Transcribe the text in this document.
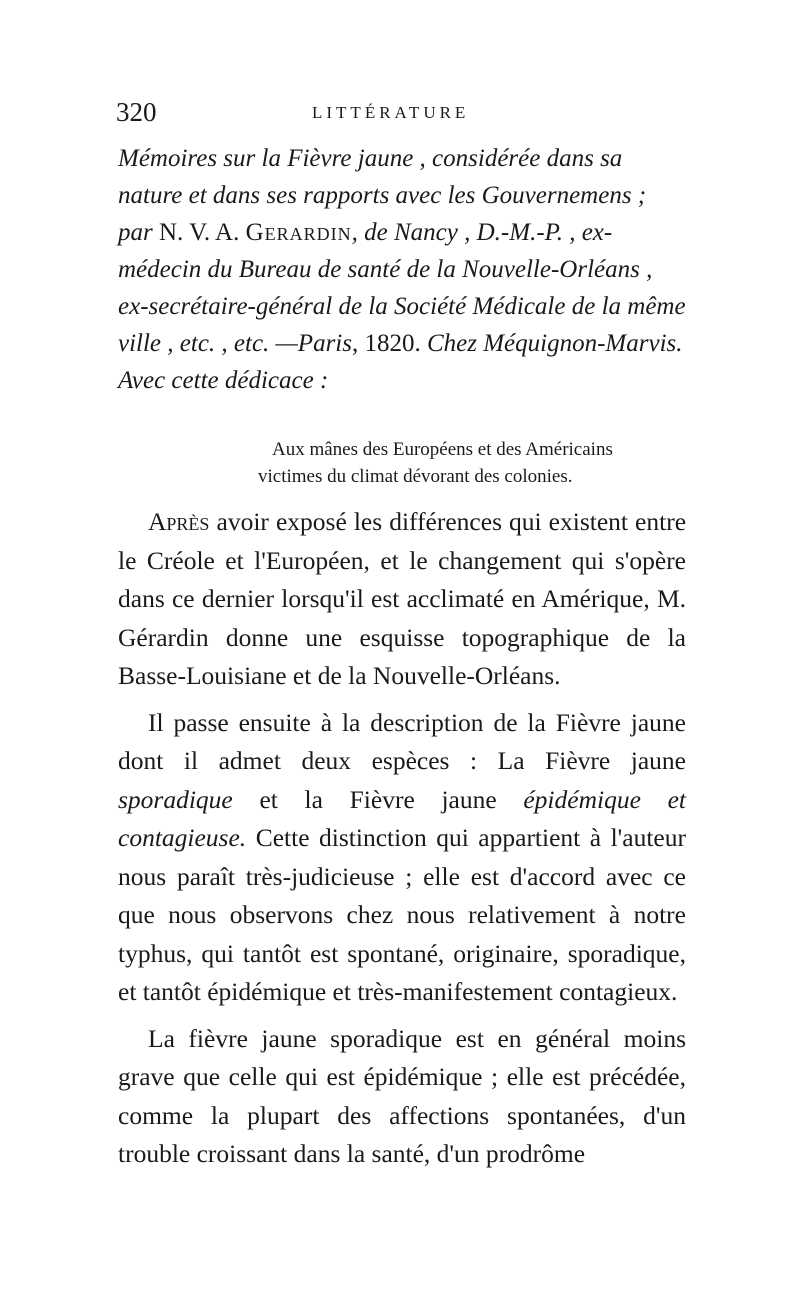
320	LITTÉRATURE

Mémoires sur la Fièvre jaune , considérée dans sa nature et dans ses rapports avec les Gouvernemens ; par N. V. A. Gerardin, de Nancy , D.-M.-P. , ex-médecin du Bureau de santé de la Nouvelle-Orléans , ex-secrétaire-général de la Société Médicale de la même ville , etc. , etc. —Paris, 1820. Chez Méquignon-Marvis. Avec cette dédicace :

Aux mânes des Européens et des Américains
victimes du climat dévorant des colonies.

Après avoir exposé les différences qui existent entre le Créole et l'Européen, et le changement qui s'opère dans ce dernier lorsqu'il est acclimaté en Amérique, M. Gérardin donne une esquisse topographique de la Basse-Louisiane et de la Nouvelle-Orléans.

Il passe ensuite à la description de la Fièvre jaune dont il admet deux espèces : La Fièvre jaune sporadique et la Fièvre jaune épidémique et contagieuse. Cette distinction qui appartient à l'auteur nous paraît très-judicieuse ; elle est d'accord avec ce que nous observons chez nous relativement à notre typhus, qui tantôt est spontané, originaire, sporadique, et tantôt épidémique et très-manifestement contagieux.

La fièvre jaune sporadique est en général moins grave que celle qui est épidémique ; elle est précédée, comme la plupart des affections spontanées, d'un trouble croissant dans la santé, d'un prodrôme
